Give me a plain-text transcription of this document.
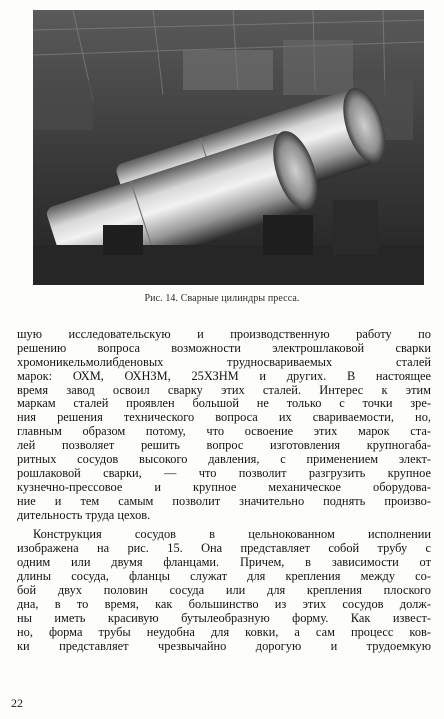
Рис. 14. Сварные цилиндры пресса.
шую исследовательскую и производственную работу по
решению вопроса возможности электрошлаковой сварки
хромоникельмолибденовых трудносвариваемых сталей
марок: ОХМ, ОХНЗМ, 25ХЗНМ и других. В настоящее
время завод освоил сварку этих сталей. Интерес к этим
маркам сталей проявлен большой не только с точки зре-
ния решения технического вопроса их свариваемости, но,
главным образом потому, что освоение этих марок ста-
лей позволяет решить вопрос изготовления крупногаба-
ритных сосудов высокого давления, с применением элект-
рошлаковой сварки, — что позволит разгрузить крупное
кузнечно-прессовое и крупное механическое оборудова-
ние и тем самым позволит значительно поднять произво-
дительность труда цехов.
Конструкция сосудов в цельнокованном исполнении
изображена на рис. 15. Она представляет собой трубу с
одним или двумя фланцами. Причем, в зависимости от
длины сосуда, фланцы служат для крепления между со-
бой двух половин сосуда или для крепления плоского
дна, в то время, как большинство из этих сосудов долж-
ны иметь красивую бутылеобразную форму. Как извест-
но, форма трубы неудобна для ковки, а сам процесс ков-
ки представляет чрезвычайно дорогую и трудоемкую
22
